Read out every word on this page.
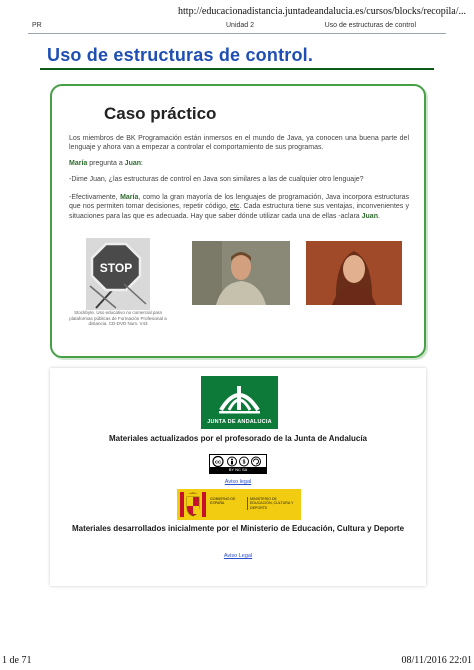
http://educacionadistancia.juntadeandalucia.es/cursos/blocks/recopila/...
PR	Unidad 2	Uso de estructuras de control
Uso de estructuras de control.
Caso práctico

Los miembros de BK Programación están inmersos en el mundo de Java, ya conocen una buena parte del lenguaje y ahora van a empezar a controlar el comportamiento de sus programas.

María pregunta a Juan:

-Dime Juan, ¿las estructuras de control en Java son similares a las de cualquier otro lenguaje?

-Efectivamente, María, como la gran mayoría de los lenguajes de programación, Java incorpora estructuras que nos permiten tomar decisiones, repetir código, etc. Cada estructura tiene sus ventajas, inconvenientes y situaciones para las que es adecuada. Hay que saber dónde utilizar cada una de ellas -aclara Juan.

STOP
Stockbyte. Uso educativo no comercial para plataformas públicas de Formación Profesional a distancia. CD-DVD Num. V43
JUNTA DE ANDALUCIA
Materiales actualizados por el profesorado de la Junta de Andalucía
cc	$
BY NC SA
Aviso legal
GOBIERNO DE ESPAÑA
MINISTERIO DE EDUCACIÓN, CULTURA Y DEPORTE
Materiales desarrollados inicialmente por el Ministerio de Educación, Cultura y Deporte
Aviso Legal
1 de 71	08/11/2016 22:01
